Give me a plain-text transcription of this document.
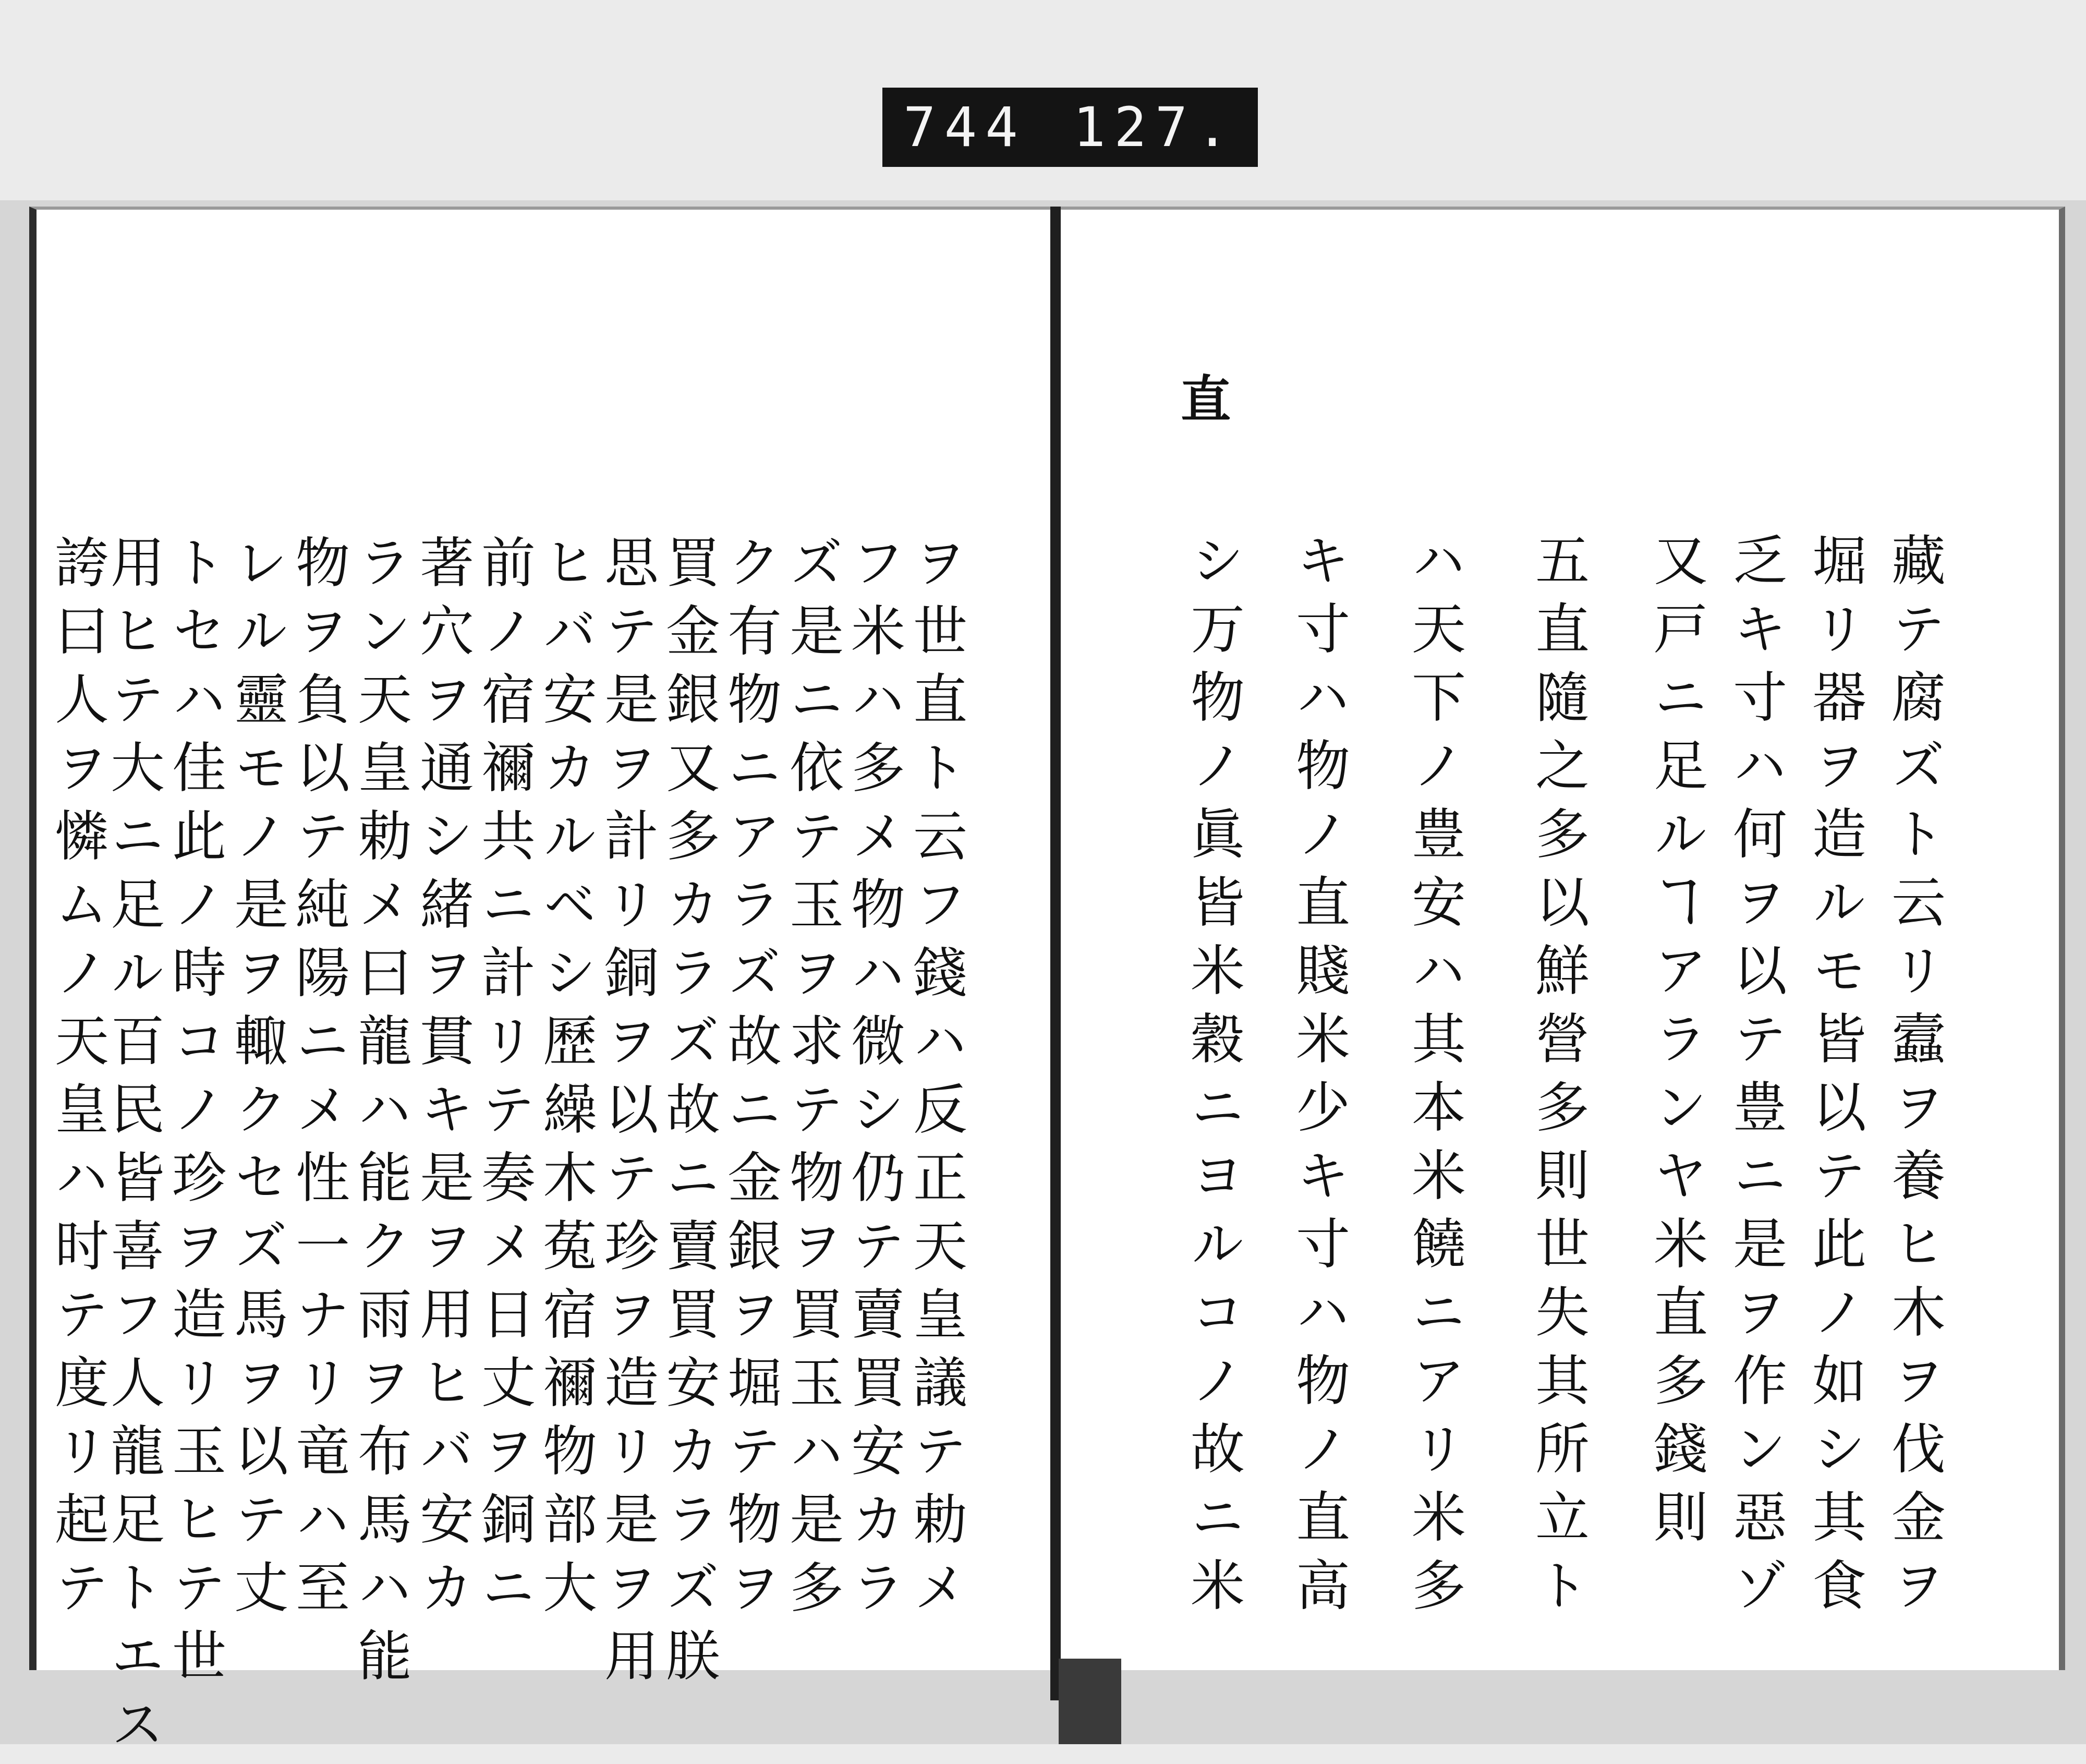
744 127.
直
藏テ腐ズト云リ蠧ヲ養ヒ木ヲ伐金ヲ
堀リ器ヲ造ルモ皆以テ此ノ如シ其食
乏キ寸ハ何ヲ以テ豊ニ是ヲ作ン惡ゾ
又戸ニ足ルヿアランヤ米直多錢則
五直隨之多以鮮營多則世失其所立ト
ハ天下ノ豊安ハ其本米饒ニアリ米多
キ寸ハ物ノ直賤米少キ寸ハ物ノ直高
シ万物ノ眞皆米穀ニヨルコノ故ニ米
ヲ世直ト云フ錢ハ反正天皇議テ勅メ
フ米ハ多メ物ハ微シ仍テ賣買安カラ
ズ是ニ依テ玉ヲ求テ物ヲ買玉ハ是多
ク有物ニアラズ故ニ金銀ヲ堀テ物ヲ
買金銀又多カラズ故ニ賣買安カラズ朕
思テ是ヲ計リ銅ヲ以テ珍ヲ造リ是ヲ用
ヒバ安カルベシ歷繰木菟宿禰物部大
前ノ宿禰共ニ計リテ奏メ日丈ヲ銅ニ
著穴ヲ通シ緒ヲ貫キ是ヲ用ヒバ安カ
ラン天皇勅メ曰龍ハ能ク雨ヲ布馬ハ能
物ヲ負以テ純陽ニメ性一ナリ竜ハ至
レル靈モノ是ヲ輙クセズ馬ヲ以テ丈
トセハ佳此ノ時コノ珍ヲ造リ玉ヒテ世
用ヒテ大ニ足ル百民皆喜フ人龍足トエス
誇曰人ヲ憐ムノ天皇ハ时テ度リ起テ
